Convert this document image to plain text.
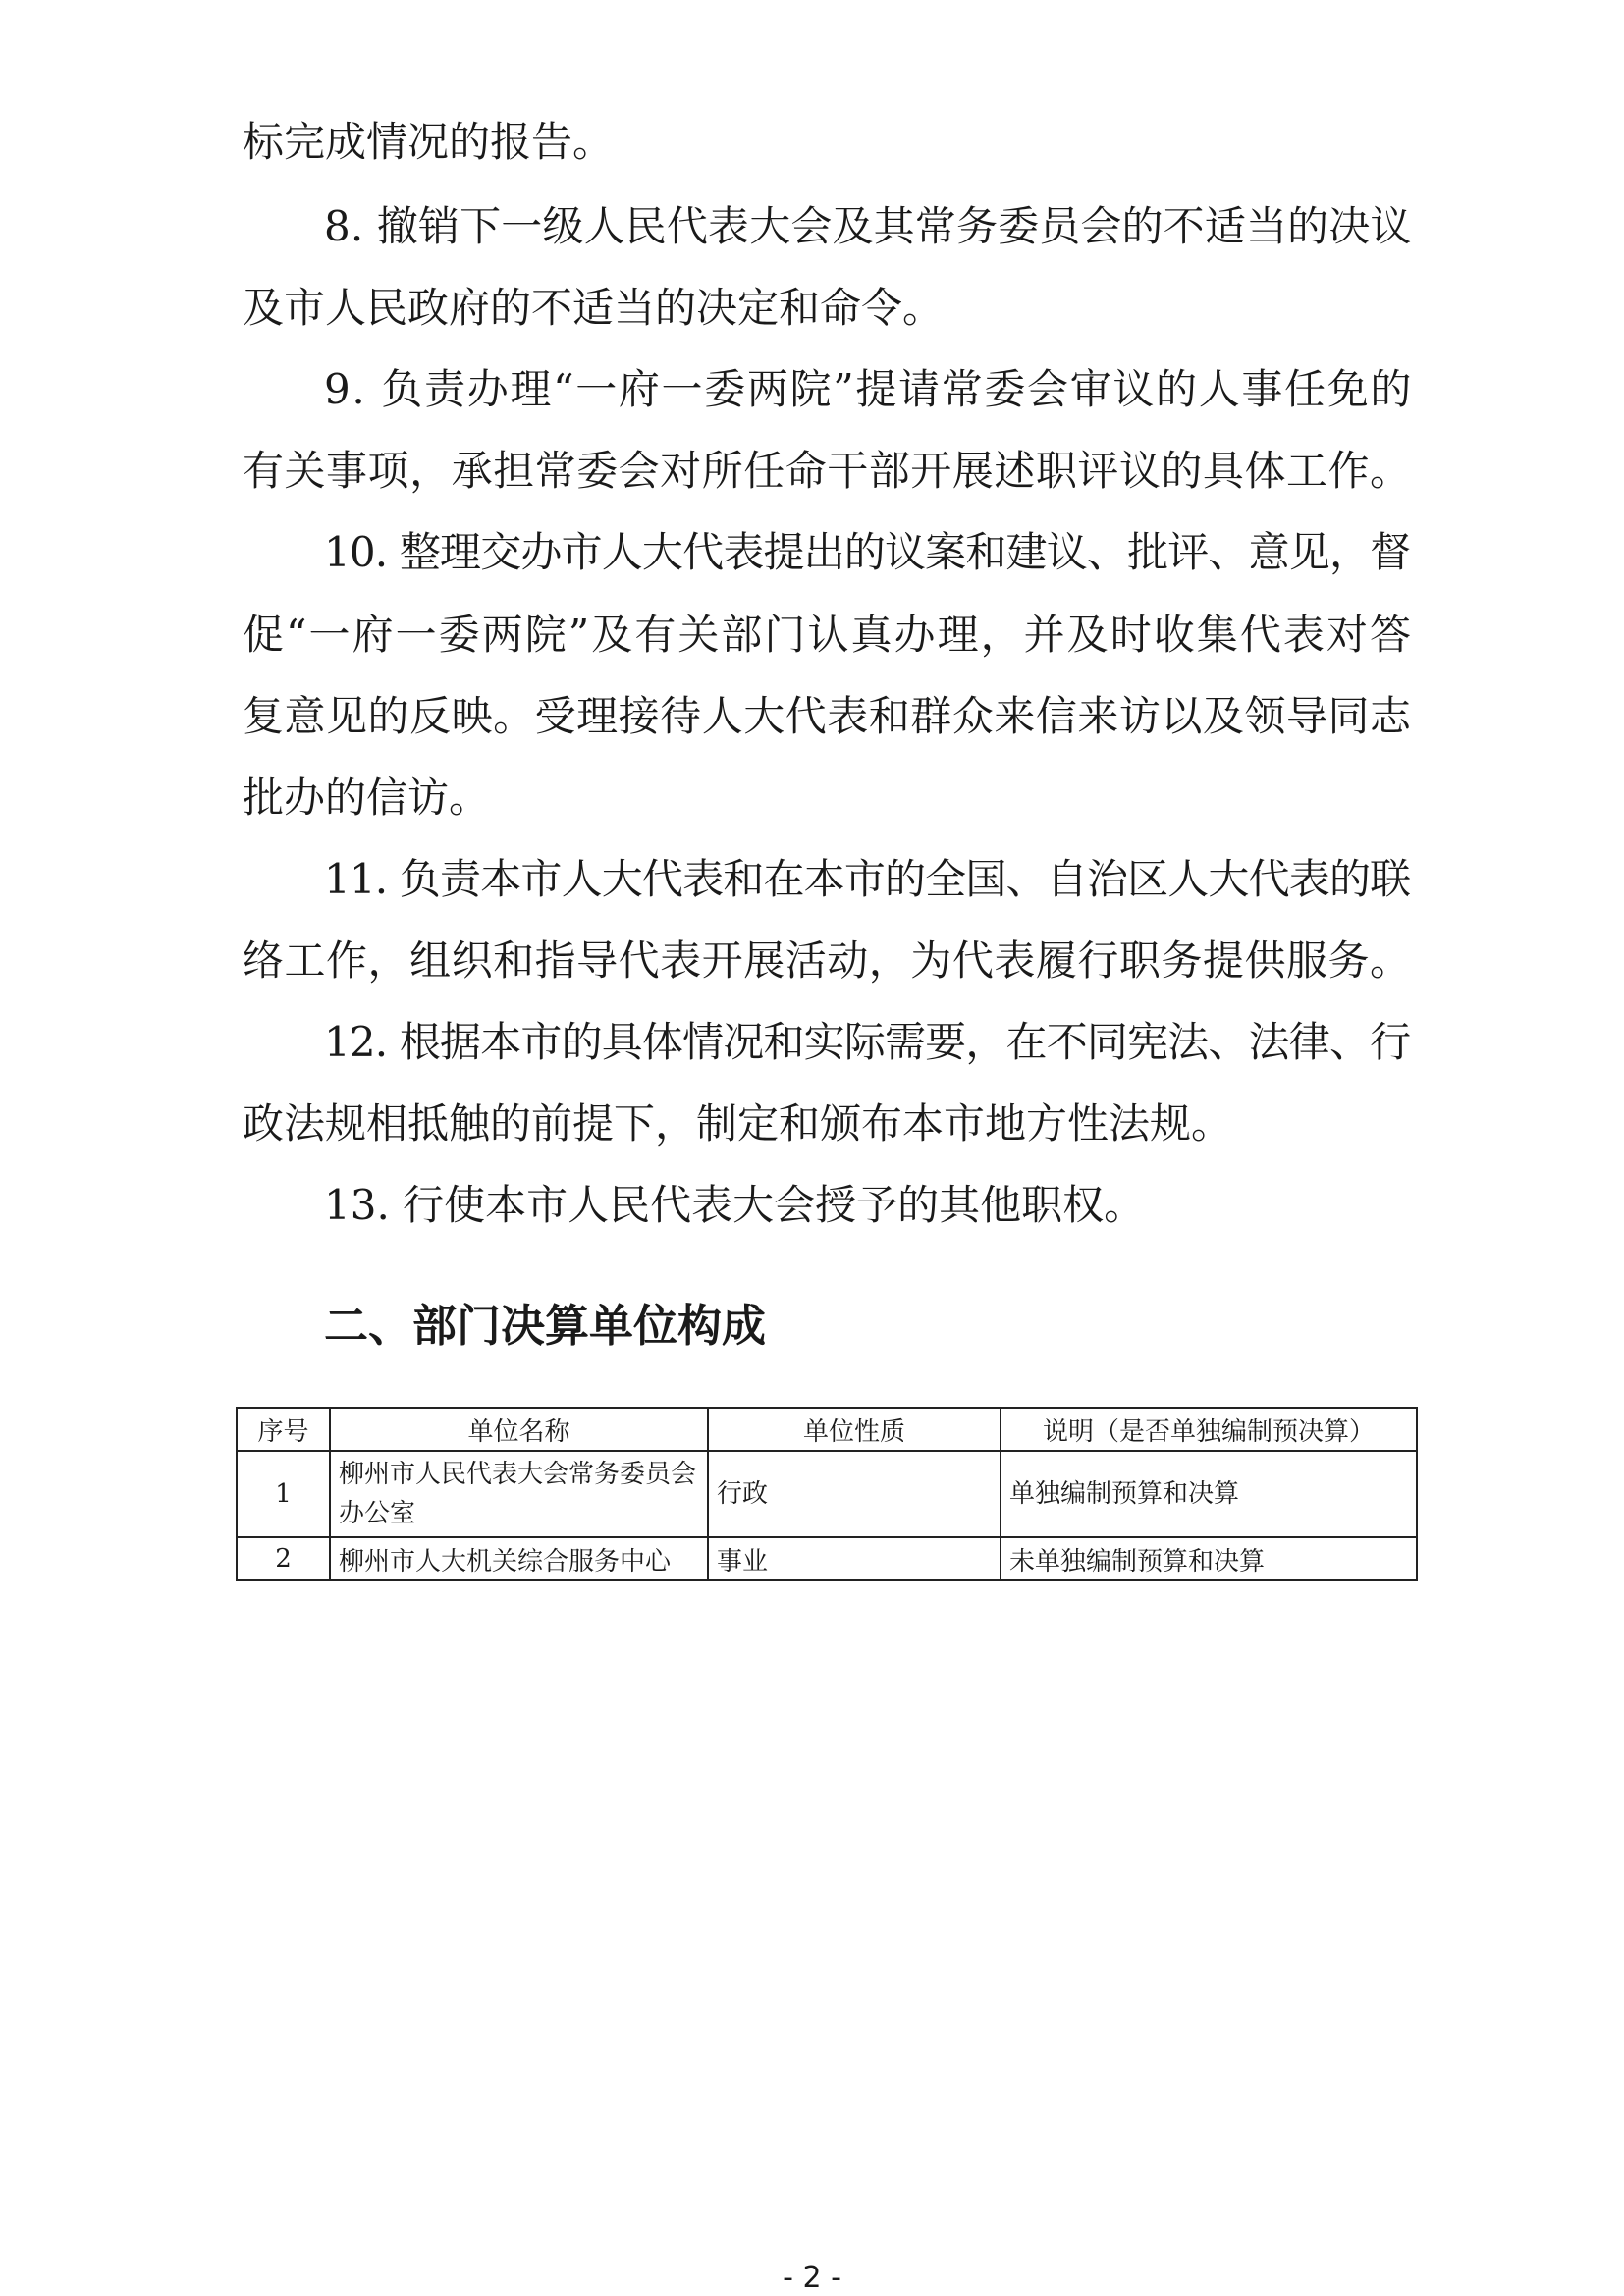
标完成情况的报告。

8. 撤销下一级人民代表大会及其常务委员会的不适当的决议

及市人民政府的不适当的决定和命令。

9. 负责办理“一府一委两院”提请常委会审议的人事任免的

有关事项，承担常委会对所任命干部开展述职评议的具体工作。

10. 整理交办市人大代表提出的议案和建议、批评、意见，督

促“一府一委两院”及有关部门认真办理，并及时收集代表对答

复意见的反映。受理接待人大代表和群众来信来访以及领导同志

批办的信访。

11. 负责本市人大代表和在本市的全国、自治区人大代表的联

络工作，组织和指导代表开展活动，为代表履行职务提供服务。

12. 根据本市的具体情况和实际需要，在不同宪法、法律、行

政法规相抵触的前提下，制定和颁布本市地方性法规。

13. 行使本市人民代表大会授予的其他职权。

二、部门决算单位构成
序号	单位名称	单位性质	说明（是否单独编制预决算）
1	柳州市人民代表大会常务委员会办公室	行政	单独编制预算和决算
2	柳州市人大机关综合服务中心	事业	未单独编制预算和决算

- 2 -
